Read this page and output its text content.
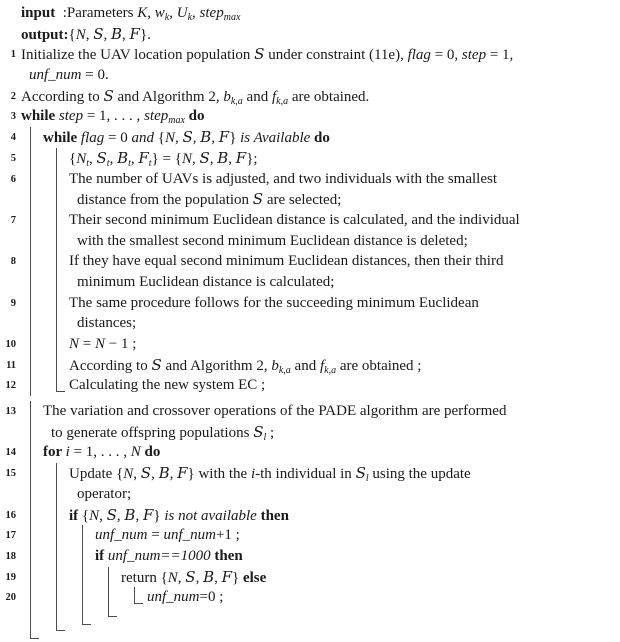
input  :Parameters K, $w_k$, $U_k$, step$_{max}$
output:{N, S, B, F}.
1 Initialize the UAV location population S under constraint (11e), flag = 0, step = 1,
unf_num = 0.
2 According to S and Algorithm 2, $b_{k,a}$ and $f_{k,a}$ are obtained.
3 while step = 1, . . . , step$_{max}$ do
4 while flag = 0 and {N, S, B, F} is Available do
5	{$N_t$, $S_t$, $B_t$, $F_t\} = \{N$, S, B, F};
6	The number of UAVs is adjusted, and two individuals with the smallest
distance from the population S are selected;
7	Their second minimum Euclidean distance is calculated, and the individual
with the smallest second minimum Euclidean distance is deleted;
8	If they have equal second minimum Euclidean distances, then their third
minimum Euclidean distance is calculated;
9	The same procedure follows for the succeeding minimum Euclidean
distances;
10	N = N − 1 ;
11	According to S and Algorithm 2, $b_{k,a}$ and $f_{k,a}$ are obtained ;
12	Calculating the new system EC ;
13 The variation and crossover operations of the PADE algorithm are performed
to generate offspring populations $S_l$ ;
14 for i = 1, . . . , N do
15	Update {N, S, B, F} with the i-th individual in $S_l$ using the update
operator;
16	if {N, S, B, F} is not available then
17	unf_num = unf_num+1 ;
18	if unf_num==1000 then
19	return {N, S, B, F} else
20	unf_num=0 ;
